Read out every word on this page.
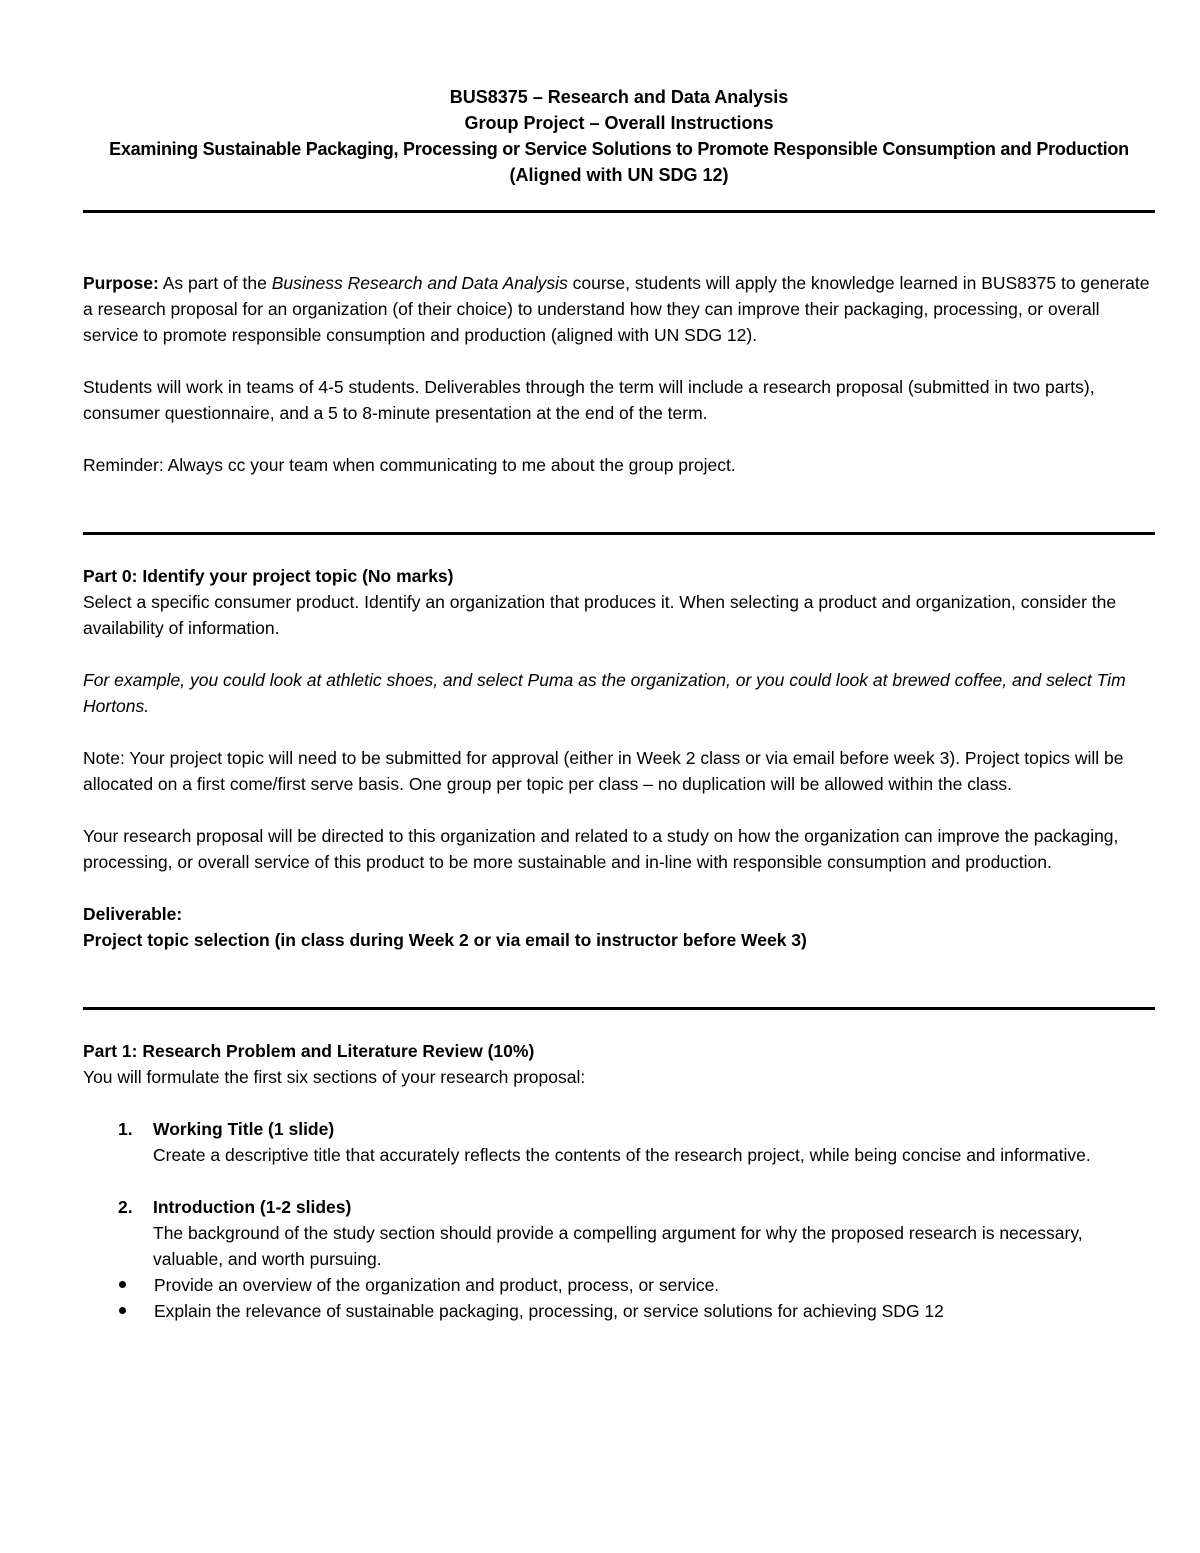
BUS8375 – Research and Data Analysis
Group Project – Overall Instructions
Examining Sustainable Packaging, Processing or Service Solutions to Promote Responsible Consumption and Production
(Aligned with UN SDG 12)

Purpose: As part of the Business Research and Data Analysis course, students will apply the knowledge learned in BUS8375 to generate a research proposal for an organization (of their choice) to understand how they can improve their packaging, processing, or overall service to promote responsible consumption and production (aligned with UN SDG 12).

Students will work in teams of 4-5 students. Deliverables through the term will include a research proposal (submitted in two parts), consumer questionnaire, and a 5 to 8-minute presentation at the end of the term.

Reminder: Always cc your team when communicating to me about the group project.

Part 0: Identify your project topic (No marks)

Select a specific consumer product. Identify an organization that produces it. When selecting a product and organization, consider the availability of information.

For example, you could look at athletic shoes, and select Puma as the organization, or you could look at brewed coffee, and select Tim Hortons.

Note: Your project topic will need to be submitted for approval (either in Week 2 class or via email before week 3). Project topics will be allocated on a first come/first serve basis. One group per topic per class – no duplication will be allowed within the class.

Your research proposal will be directed to this organization and related to a study on how the organization can improve the packaging, processing, or overall service of this product to be more sustainable and in-line with responsible consumption and production.

Deliverable:
Project topic selection (in class during Week 2 or via email to instructor before Week 3)
Part 1: Research Problem and Literature Review (10%)

You will formulate the first six sections of your research proposal:

1. Working Title (1 slide)

Create a descriptive title that accurately reflects the contents of the research project, while being concise and informative.

2. Introduction (1-2 slides)

The background of the study section should provide a compelling argument for why the proposed research is necessary, valuable, and worth pursuing.

Provide an overview of the organization and product, process, or service.
Explain the relevance of sustainable packaging, processing, or service solutions for achieving SDG 12
